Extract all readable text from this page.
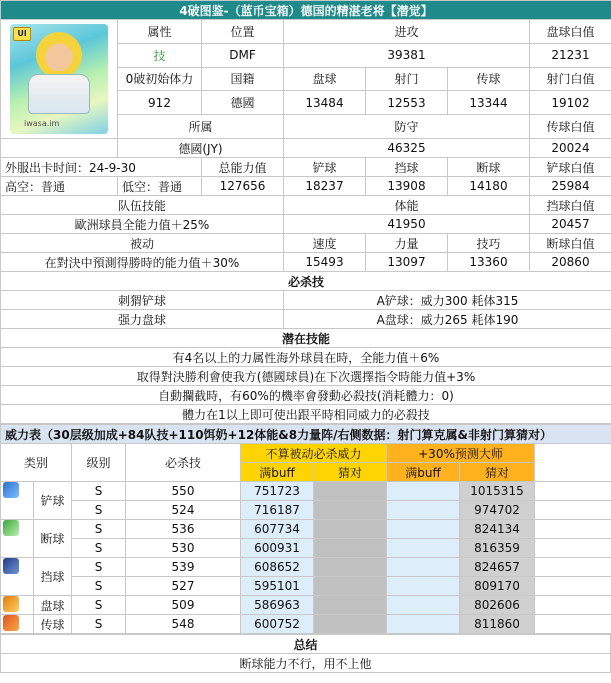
4破图鉴-（蓝币宝箱）德国的精湛老将【潜觉】						

Ul
iwasa.im	属性	位置	进攻			盘球白值
	技	DMF	39381			21231
	0破初始体力	国籍	盘球	射门	传球	射门白值
	912	德國	13484	12553	13344	19102
	所属		防守			传球白值
	德國(JY)		46325			20024
外服出卡时间：24-9-30		总能力值	铲球	挡球	断球	铲球白值
高空：普通	低空：普通	127656	18237	13908	14180	25984
队伍技能			体能			挡球白值
歐洲球員全能力值＋25%			41950			20457
被动			速度	力量	技巧	断球白值
在對決中預測得勝時的能力值＋30%			15493	13097	13360	20860
必杀技						
刺猬铲球			A铲球：威力300 耗体315			
强力盘球			A盘球：威力265 耗体190			
潜在技能						
有4名以上的力属性海外球員在時，全能力值＋6%						
取得對決勝利會使我方(德國球員)在下次選擇指令時能力值+3%						
自動攔截時，有60%的機率會發動必殺技(消耗體力：0)						
體力在1以上即可使出跟平時相同威力的必殺技						
威力表（30层级加成+84队技+110饵奶+12体能&8力量阵/右侧数据：射门算克属&非射门算猜对）								
类别		级别	必杀技	不算被动必杀威力		+30%预测大师		
				满buff	猜对	满buff	猜对	
	铲球	S	550	751723			1015315	
		S	524	716187			974702	
	断球	S	536	607734			824134	
		S	530	600931			816359	
	挡球	S	539	608652			824657	
		S	527	595101			809170	
	盘球	S	509	586963			802606	
	传球	S	548	600752			811860	
总结
断球能力不行，用不上他
